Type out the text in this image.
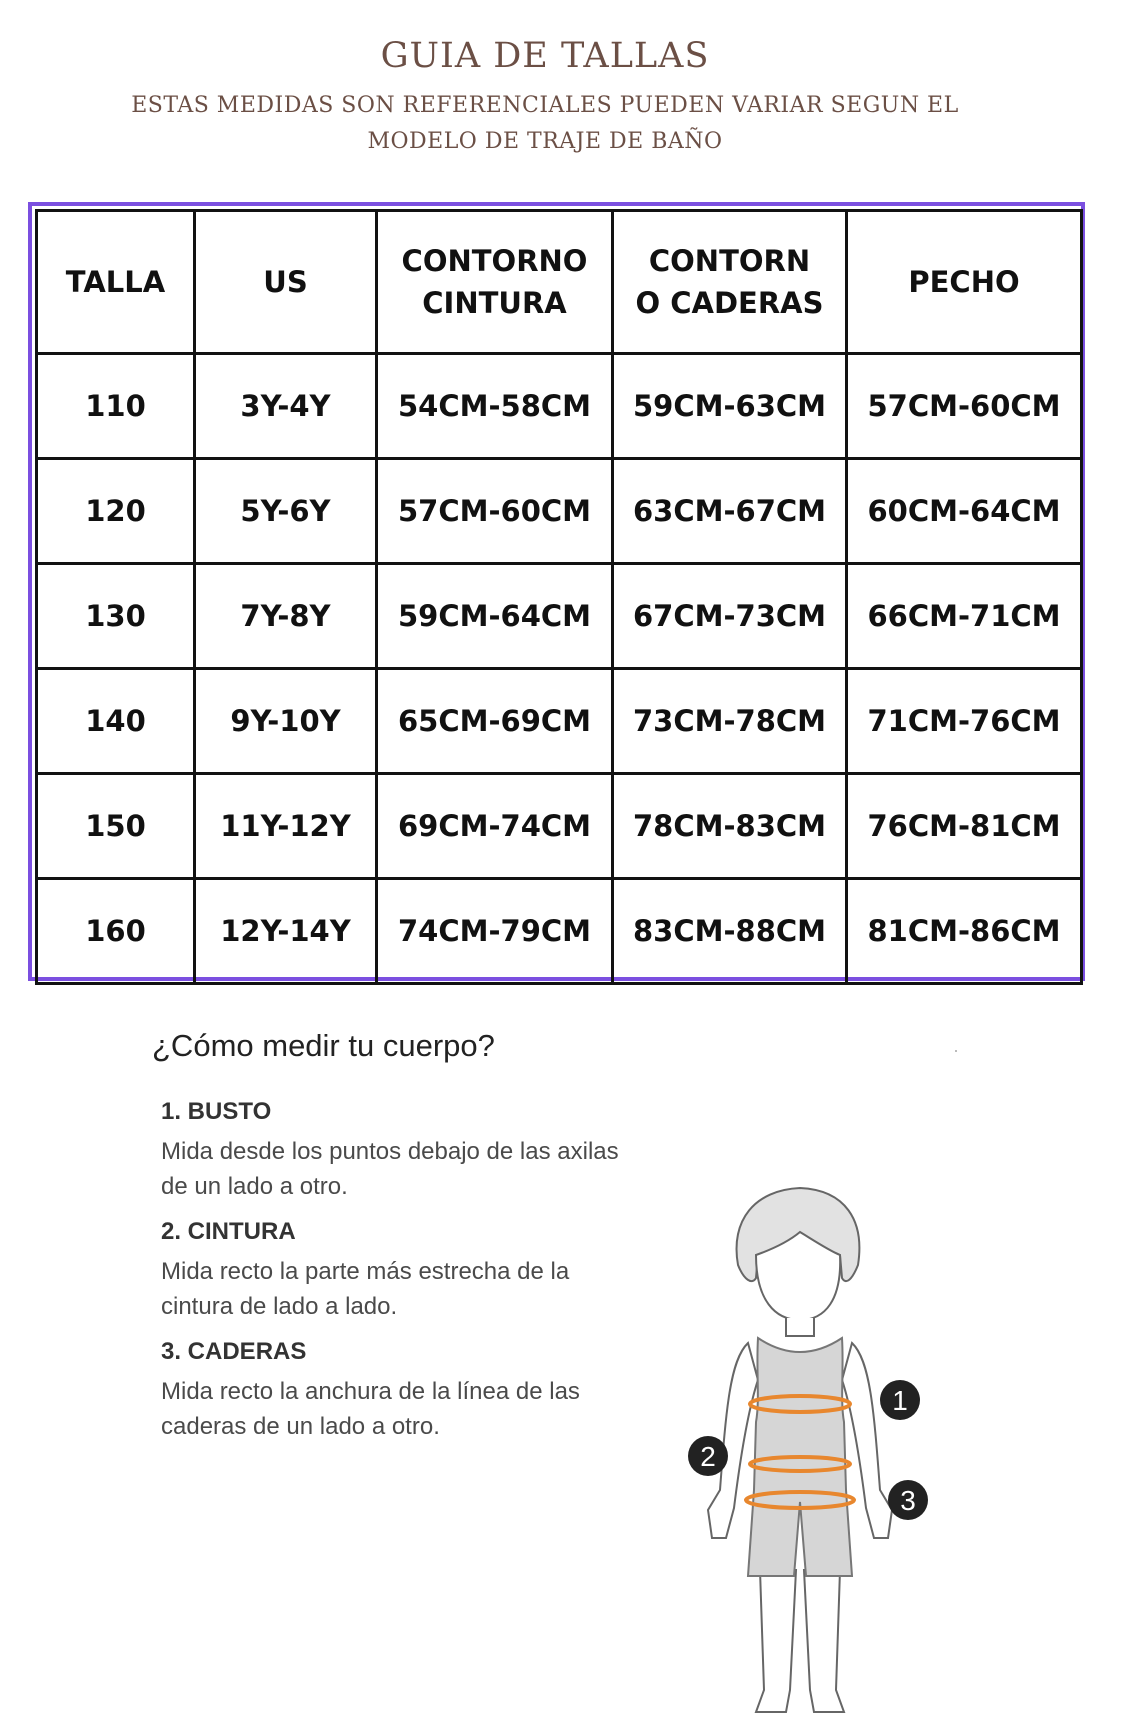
GUIA DE TALLAS
ESTAS MEDIDAS SON REFERENCIALES PUEDEN VARIAR SEGUN EL MODELO DE TRAJE DE BAÑO
TALLA	US	CONTORNO CINTURA	CONTORN O CADERAS	PECHO
110	3Y-4Y	54CM-58CM	59CM-63CM	57CM-60CM
120	5Y-6Y	57CM-60CM	63CM-67CM	60CM-64CM
130	7Y-8Y	59CM-64CM	67CM-73CM	66CM-71CM
140	9Y-10Y	65CM-69CM	73CM-78CM	71CM-76CM
150	11Y-12Y	69CM-74CM	78CM-83CM	76CM-81CM
160	12Y-14Y	74CM-79CM	83CM-88CM	81CM-86CM
¿Cómo medir tu cuerpo?

1. BUSTO

Mida desde los puntos debajo de las axilas de un lado a otro.

2. CINTURA

Mida recto la parte más estrecha de la cintura de lado a lado.

3. CADERAS

Mida recto la anchura de la línea de las caderas de un lado a otro.

1
2
3
